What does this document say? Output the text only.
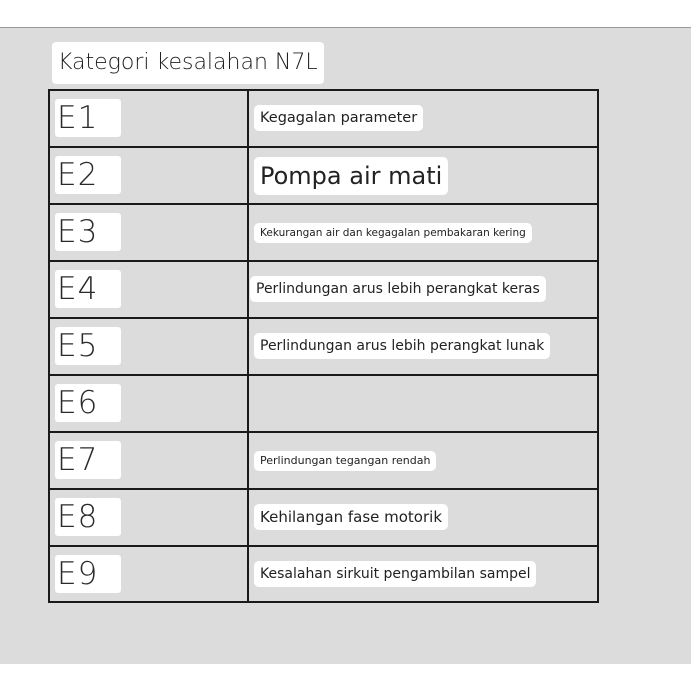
Kategori kesalahan N7L
E1	Kegagalan parameter
E2	Pompa air mati
E3	Kekurangan air dan kegagalan pembakaran kering
E4	Perlindungan arus lebih perangkat keras
E5	Perlindungan arus lebih perangkat lunak
E6
E7	Perlindungan tegangan rendah
E8	Kehilangan fase motorik
E9	Kesalahan sirkuit pengambilan sampel
